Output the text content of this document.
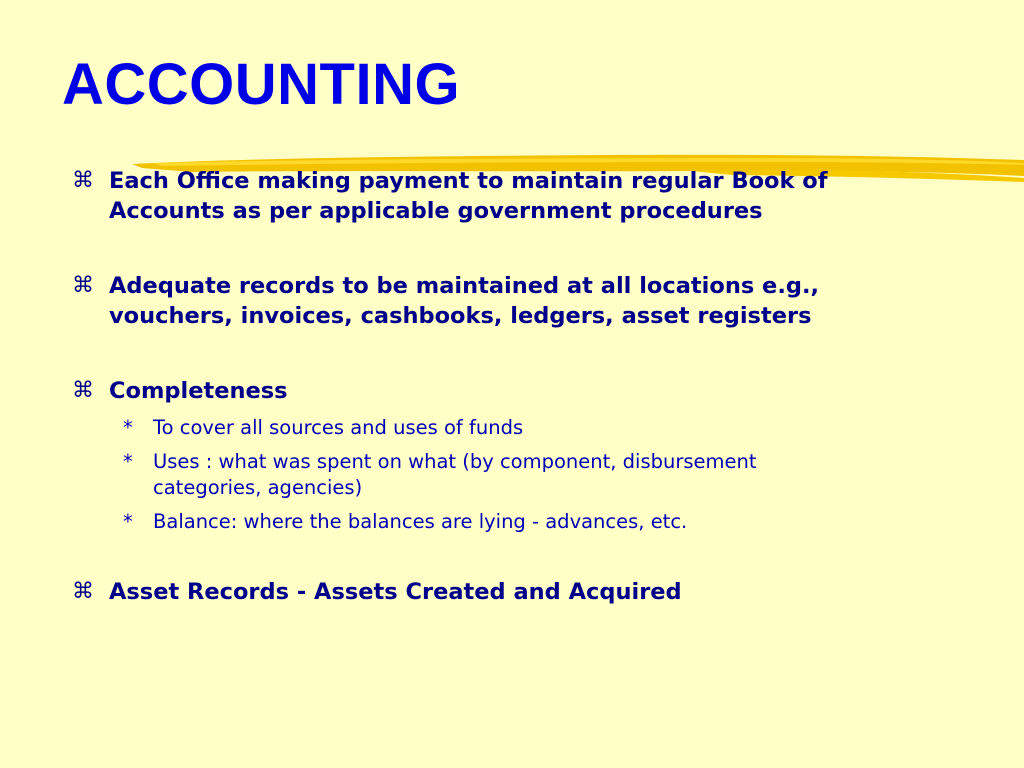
ACCOUNTING
⌘ Each Office making payment to maintain regular Book of
Accounts as per applicable government procedures
⌘ Adequate records to be maintained at all locations e.g.,
vouchers, invoices, cashbooks, ledgers, asset registers
⌘ Completeness
*	To cover all sources and uses of funds
*	Uses : what was spent on what (by component, disbursement
categories, agencies)
*	Balance: where the balances are lying - advances, etc.
⌘ Asset Records - Assets Created and Acquired
